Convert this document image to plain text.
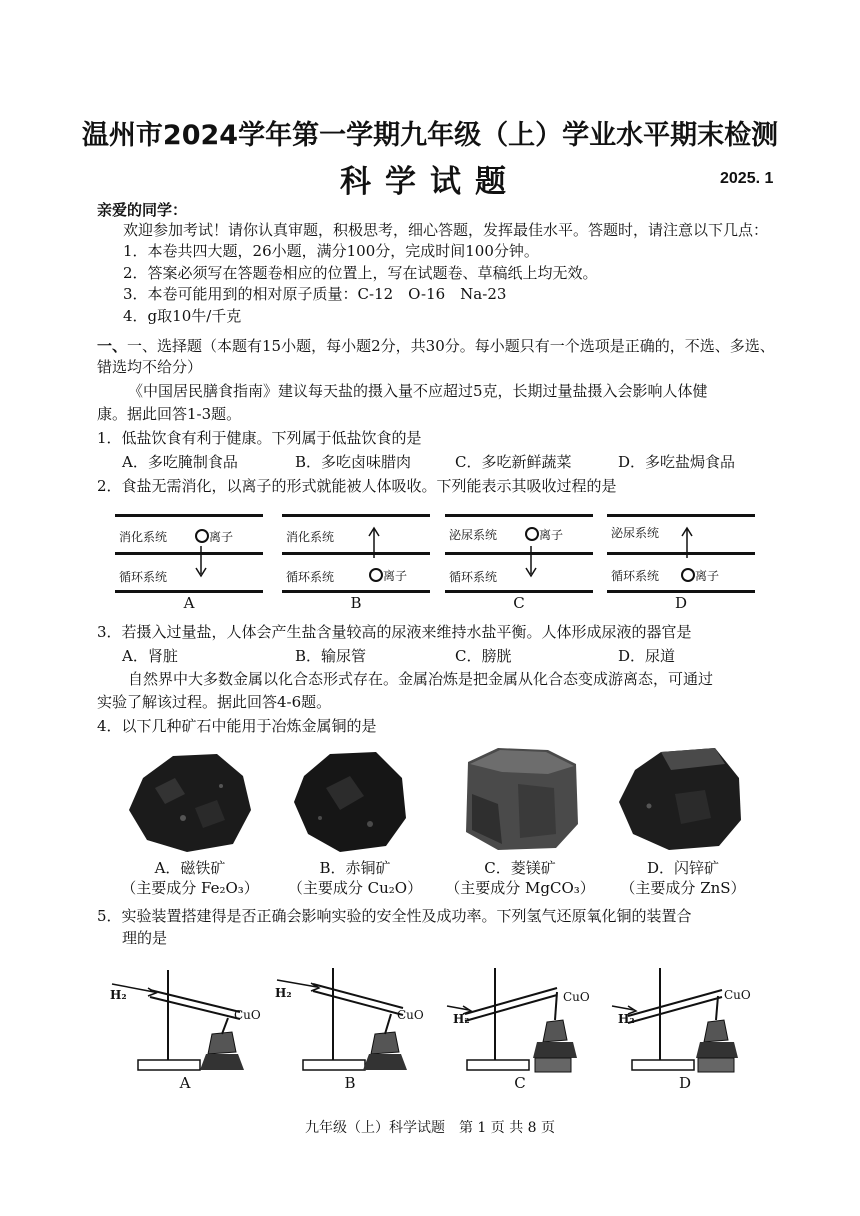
温州市2024学年第一学期九年级（上）学业水平期末检测
科学试题	2025. 1
亲爱的同学：
欢迎参加考试！请你认真审题，积极思考，细心答题，发挥最佳水平。答题时，请注意以下几点：
1．本卷共四大题，26小题，满分100分，完成时间100分钟。
2．答案必须写在答题卷相应的位置上，写在试题卷、草稿纸上均无效。
3．本卷可能用到的相对原子质量：C-12　O-16　Na-23
4．g取10牛/千克
一、一、选择题（本题有15小题，每小题2分，共30分。每小题只有一个选项是正确的，不选、多选、
错选均不给分）
《中国居民膳食指南》建议每天盐的摄入量不应超过5克，长期过量盐摄入会影响人体健
康。据此回答1-3题。
1．低盐饮食有利于健康。下列属于低盐饮食的是
A．多吃腌制食品	B．多吃卤味腊肉	C．多吃新鲜蔬菜	D．多吃盐焗食品
2．食盐无需消化，以离子的形式就能被人体吸收。下列能表示其吸收过程的是
消化系统	离子
循环系统
A
消化系统
循环系统	离子
B
泌尿系统	离子
循环系统
C
泌尿系统
循环系统	离子
D
3．若摄入过量盐，人体会产生盐含量较高的尿液来维持水盐平衡。人体形成尿液的器官是
A．肾脏	B．输尿管	C．膀胱	D．尿道
自然界中大多数金属以化合态形式存在。金属冶炼是把金属从化合态变成游离态，可通过
实验了解该过程。据此回答4-6题。
4．以下几种矿石中能用于冶炼金属铜的是
A．磁铁矿
（主要成分 Fe₂O₃）
B．赤铜矿
（主要成分 Cu₂O）
C．菱镁矿
（主要成分 MgCO₃）
D．闪锌矿
（主要成分 ZnS）
5．实验装置搭建得是否正确会影响实验的安全性及成功率。下列氢气还原氧化铜的装置合
理的是
H₂
CuO
A
H₂
CuO
B
H₂
CuO
C
H₂
CuO
D
九年级（上）科学试题　第 1 页 共 8 页
